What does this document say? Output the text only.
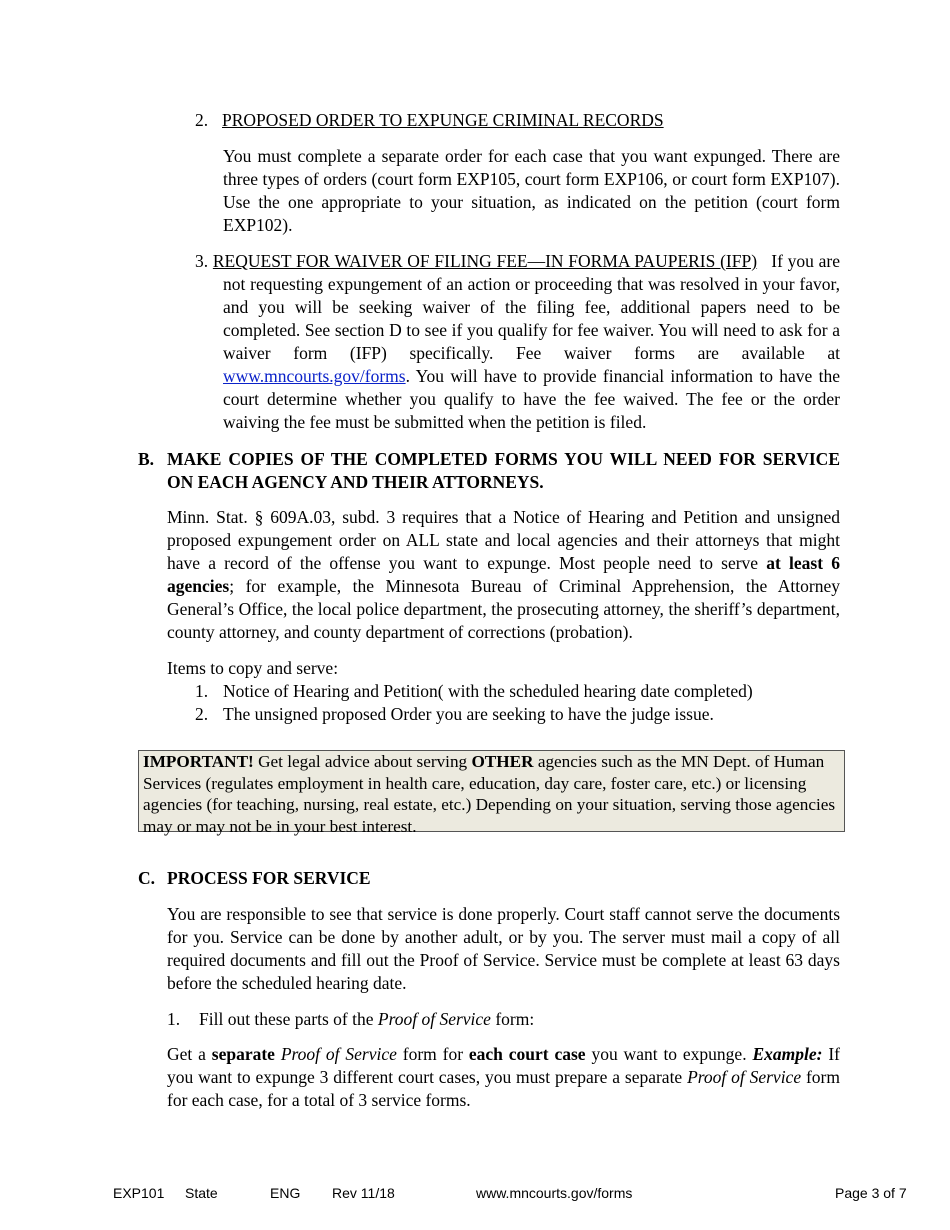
2. PROPOSED ORDER TO EXPUNGE CRIMINAL RECORDS
You must complete a separate order for each case that you want expunged. There are three types of orders (court form EXP105, court form EXP106, or court form EXP107). Use the one appropriate to your situation, as indicated on the petition (court form EXP102).
3. REQUEST FOR WAIVER OF FILING FEE—IN FORMA PAUPERIS (IFP) If you are not requesting expungement of an action or proceeding that was resolved in your favor, and you will be seeking waiver of the filing fee, additional papers need to be completed. See section D to see if you qualify for fee waiver. You will need to ask for a waiver form (IFP) specifically. Fee waiver forms are available at www.mncourts.gov/forms. You will have to provide financial information to have the court determine whether you qualify to have the fee waived. The fee or the order waiving the fee must be submitted when the petition is filed.
B. MAKE COPIES OF THE COMPLETED FORMS YOU WILL NEED FOR SERVICE ON EACH AGENCY AND THEIR ATTORNEYS.
Minn. Stat. § 609A.03, subd. 3 requires that a Notice of Hearing and Petition and unsigned proposed expungement order on ALL state and local agencies and their attorneys that might have a record of the offense you want to expunge. Most people need to serve at least 6 agencies; for example, the Minnesota Bureau of Criminal Apprehension, the Attorney General’s Office, the local police department, the prosecuting attorney, the sheriff’s department, county attorney, and county department of corrections (probation).
Items to copy and serve:
1. Notice of Hearing and Petition( with the scheduled hearing date completed)
2. The unsigned proposed Order you are seeking to have the judge issue.
IMPORTANT! Get legal advice about serving OTHER agencies such as the MN Dept. of Human Services (regulates employment in health care, education, day care, foster care, etc.) or licensing agencies (for teaching, nursing, real estate, etc.) Depending on your situation, serving those agencies may or may not be in your best interest.
C. PROCESS FOR SERVICE
You are responsible to see that service is done properly. Court staff cannot serve the documents for you. Service can be done by another adult, or by you. The server must mail a copy of all required documents and fill out the Proof of Service. Service must be complete at least 63 days before the scheduled hearing date.
1. Fill out these parts of the Proof of Service form:
Get a separate Proof of Service form for each court case you want to expunge. Example: If you want to expunge 3 different court cases, you must prepare a separate Proof of Service form for each case, for a total of 3 service forms.
EXP101 State	ENG Rev 11/18	www.mncourts.gov/forms	Page 3 of 7
